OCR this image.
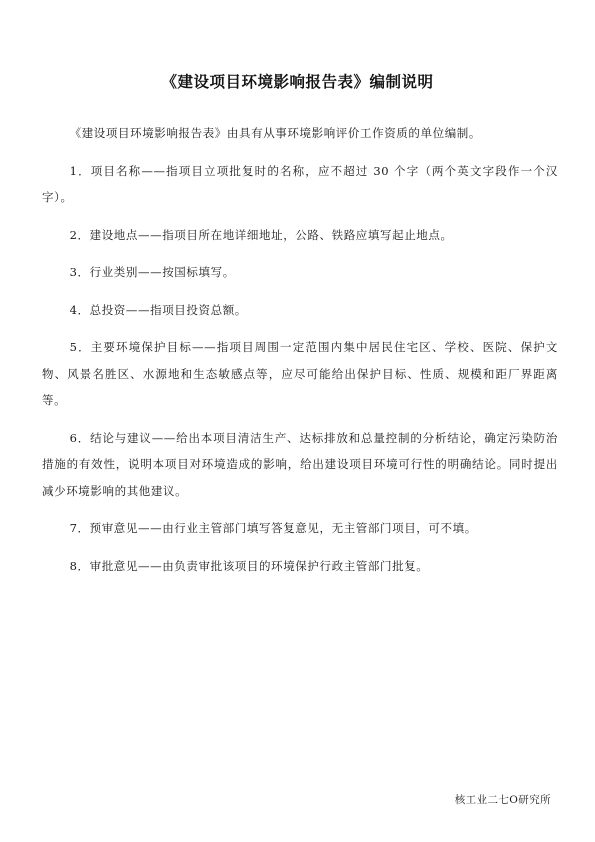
《建设项目环境影响报告表》编制说明

《建设项目环境影响报告表》由具有从事环境影响评价工作资质的单位编制。

1．项目名称——指项目立项批复时的名称，应不超过 30 个字（两个英文字段作一个汉字）。

2．建设地点——指项目所在地详细地址，公路、铁路应填写起止地点。

3．行业类别——按国标填写。

4．总投资——指项目投资总额。

5．主要环境保护目标——指项目周围一定范围内集中居民住宅区、学校、医院、保护文物、风景名胜区、水源地和生态敏感点等，应尽可能给出保护目标、性质、规模和距厂界距离等。

6．结论与建议——给出本项目清洁生产、达标排放和总量控制的分析结论，确定污染防治措施的有效性，说明本项目对环境造成的影响，给出建设项目环境可行性的明确结论。同时提出减少环境影响的其他建议。

7．预审意见——由行业主管部门填写答复意见，无主管部门项目，可不填。

8．审批意见——由负责审批该项目的环境保护行政主管部门批复。

核工业二七O研究所
